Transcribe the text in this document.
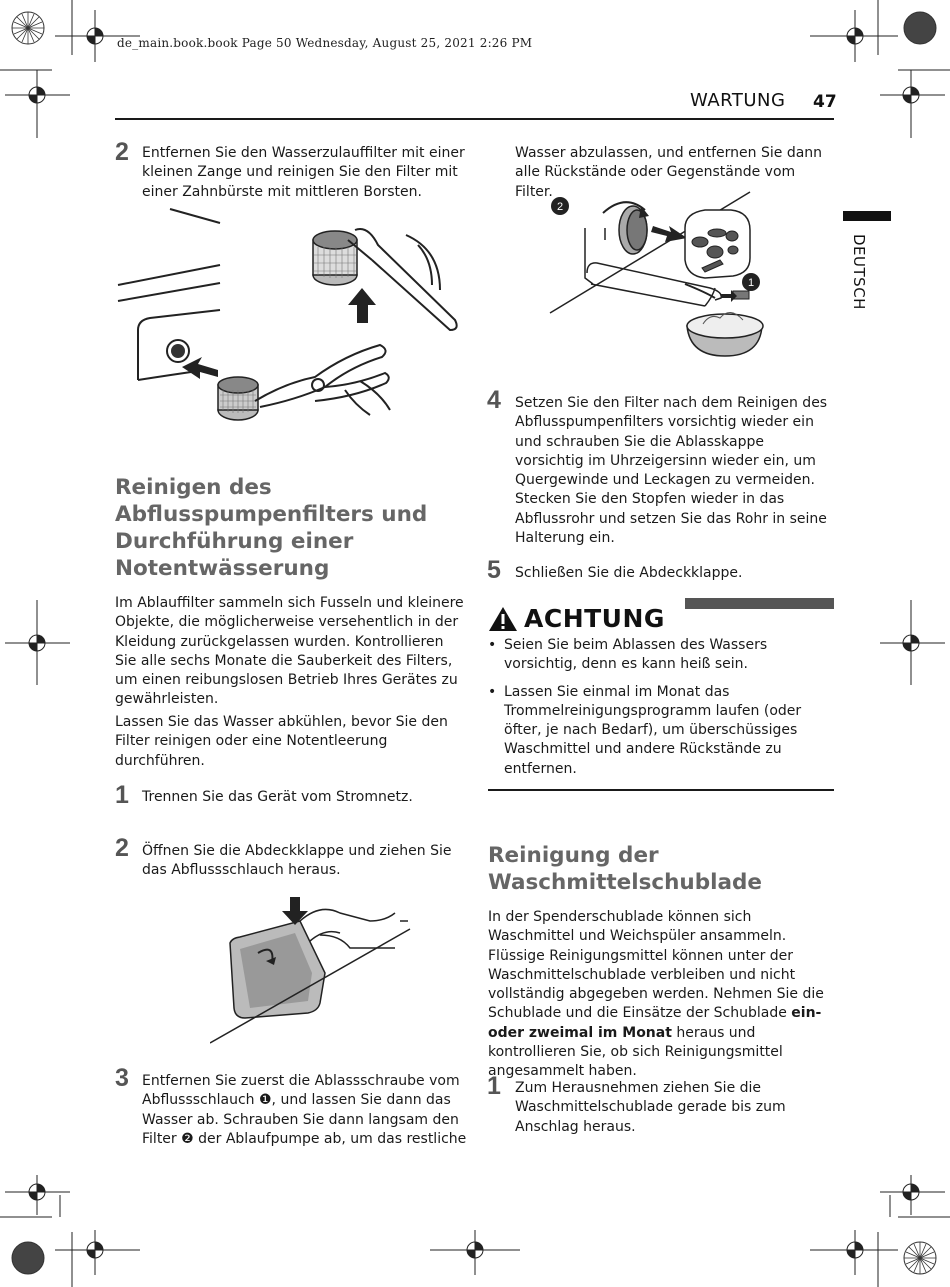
de_main.book.book Page 50 Wednesday, August 25, 2021 2:26 PM
WARTUNG 47
DEUTSCH
2 Entfernen Sie den Wasserzulauffilter mit einer kleinen Zange und reinigen Sie den Filter mit einer Zahnbürste mit mittleren Borsten.
Reinigen des
Abflusspumpenfilters und
Durchführung einer
Notentwässerung
Im Ablauffilter sammeln sich Fusseln und kleinere Objekte, die möglicherweise versehentlich in der Kleidung zurückgelassen wurden. Kontrollieren Sie alle sechs Monate die Sauberkeit des Filters, um einen reibungslosen Betrieb Ihres Gerätes zu gewährleisten.
Lassen Sie das Wasser abkühlen, bevor Sie den Filter reinigen oder eine Notentleerung durchführen.
1 Trennen Sie das Gerät vom Stromnetz.
2 Öffnen Sie die Abdeckklappe und ziehen Sie das Abflussschlauch heraus.
3 Entfernen Sie zuerst die Ablassschraube vom Abflussschlauch ❶, und lassen Sie dann das Wasser ab. Schrauben Sie dann langsam den Filter ❷ der Ablaufpumpe ab, um das restliche
Wasser abzulassen, und entfernen Sie dann alle Rückstände oder Gegenstände vom Filter.
2
1
4 Setzen Sie den Filter nach dem Reinigen des Abflusspumpenfilters vorsichtig wieder ein und schrauben Sie die Ablasskappe vorsichtig im Uhrzeigersinn wieder ein, um Quergewinde und Leckagen zu vermeiden. Stecken Sie den Stopfen wieder in das Abflussrohr und setzen Sie das Rohr in seine Halterung ein.
5 Schließen Sie die Abdeckklappe.
ACHTUNG
• Seien Sie beim Ablassen des Wassers vorsichtig, denn es kann heiß sein.
• Lassen Sie einmal im Monat das Trommelreinigungsprogramm laufen (oder öfter, je nach Bedarf), um überschüssiges Waschmittel und andere Rückstände zu entfernen.
Reinigung der
Waschmittelschublade
In der Spenderschublade können sich Waschmittel und Weichspüler ansammeln. Flüssige Reinigungsmittel können unter der Waschmittelschublade verbleiben und nicht vollständig abgegeben werden. Nehmen Sie die Schublade und die Einsätze der Schublade ein- oder zweimal im Monat heraus und kontrollieren Sie, ob sich Reinigungsmittel angesammelt haben.
1 Zum Herausnehmen ziehen Sie die Waschmittelschublade gerade bis zum Anschlag heraus.
